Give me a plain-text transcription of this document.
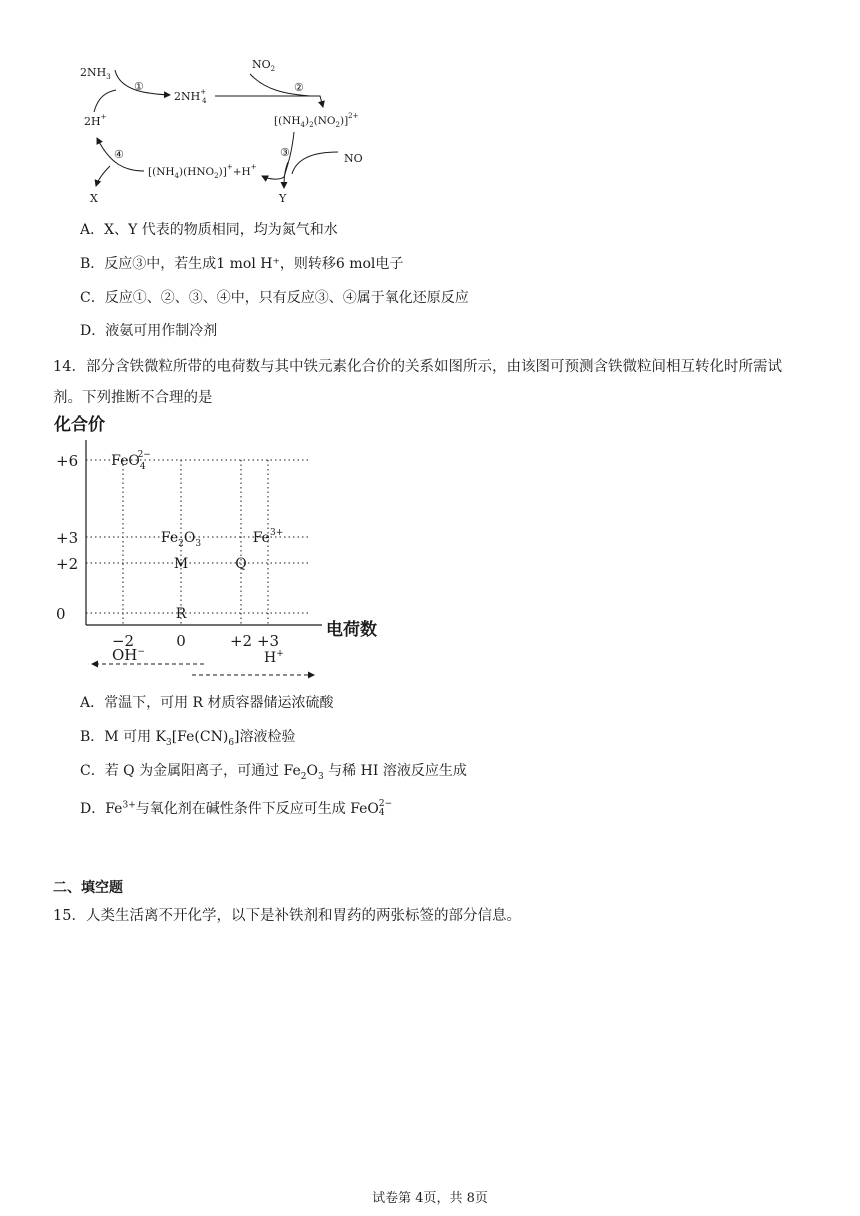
$2NH_3$
①
2NH+ 4
$NO_2$
②
$[(NH_4)_2(NO_2)]^{2+}$
③	NO
Y
$[(NH_4)(HNO_2)]^++H^+$
④
X
2H+
A．X、Y 代表的物质相同，均为氮气和水
B．反应③中，若生成1 mol H⁺，则转移6 mol电子
C．反应①、②、③、④中，只有反应③、④属于氧化还原反应
D．液氨可用作制冷剂
14．部分含铁微粒所带的电荷数与其中铁元素化合价的关系如图所示，由该图可预测含铁微粒间相互转化时所需试
剂。下列推断不合理的是
化合价
电荷数
+6
+3
+2
0
−2	0	+2 +3
FeO$_4$2−
$Fe_2O_3$	$Fe^{3+}$
M	Q
R
OH−	H+
A．常温下，可用 R 材质容器储运浓硫酸
B．M 可用 $K_3[Fe(CN)_6]$溶液检验
C．若 Q 为金属阳离子，可通过 $Fe_2O_3$ 与稀 HI 溶液反应生成
D．$Fe^{3+}$与氧化剂在碱性条件下反应可生成 FeO 2−
4
二、填空题
15．人类生活离不开化学，以下是补铁剂和胃药的两张标签的部分信息。
试卷第 4页，共 8页
